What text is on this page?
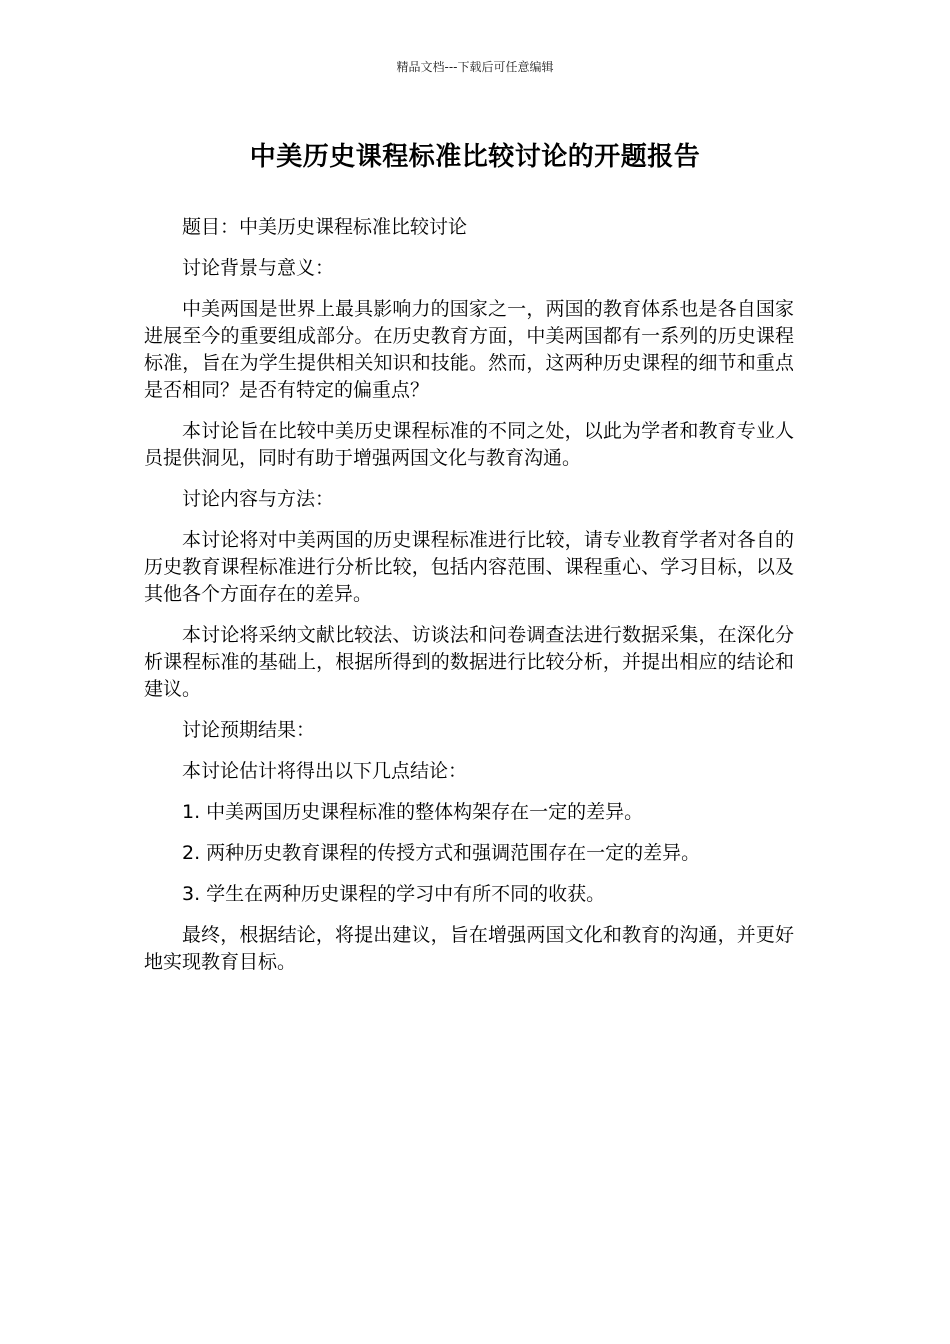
精品文档---下载后可任意编辑
中美历史课程标准比较讨论的开题报告

题目：中美历史课程标准比较讨论

讨论背景与意义：

中美两国是世界上最具影响力的国家之一，两国的教育体系也是各自国家进展至今的重要组成部分。在历史教育方面，中美两国都有一系列的历史课程标准，旨在为学生提供相关知识和技能。然而，这两种历史课程的细节和重点是否相同？是否有特定的偏重点？

本讨论旨在比较中美历史课程标准的不同之处，以此为学者和教育专业人员提供洞见，同时有助于增强两国文化与教育沟通。

讨论内容与方法：

本讨论将对中美两国的历史课程标准进行比较，请专业教育学者对各自的历史教育课程标准进行分析比较，包括内容范围、课程重心、学习目标，以及其他各个方面存在的差异。

本讨论将采纳文献比较法、访谈法和问卷调查法进行数据采集，在深化分析课程标准的基础上，根据所得到的数据进行比较分析，并提出相应的结论和建议。

讨论预期结果：

本讨论估计将得出以下几点结论：

1. 中美两国历史课程标准的整体构架存在一定的差异。

2. 两种历史教育课程的传授方式和强调范围存在一定的差异。

3. 学生在两种历史课程的学习中有所不同的收获。

最终，根据结论，将提出建议，旨在增强两国文化和教育的沟通，并更好地实现教育目标。
